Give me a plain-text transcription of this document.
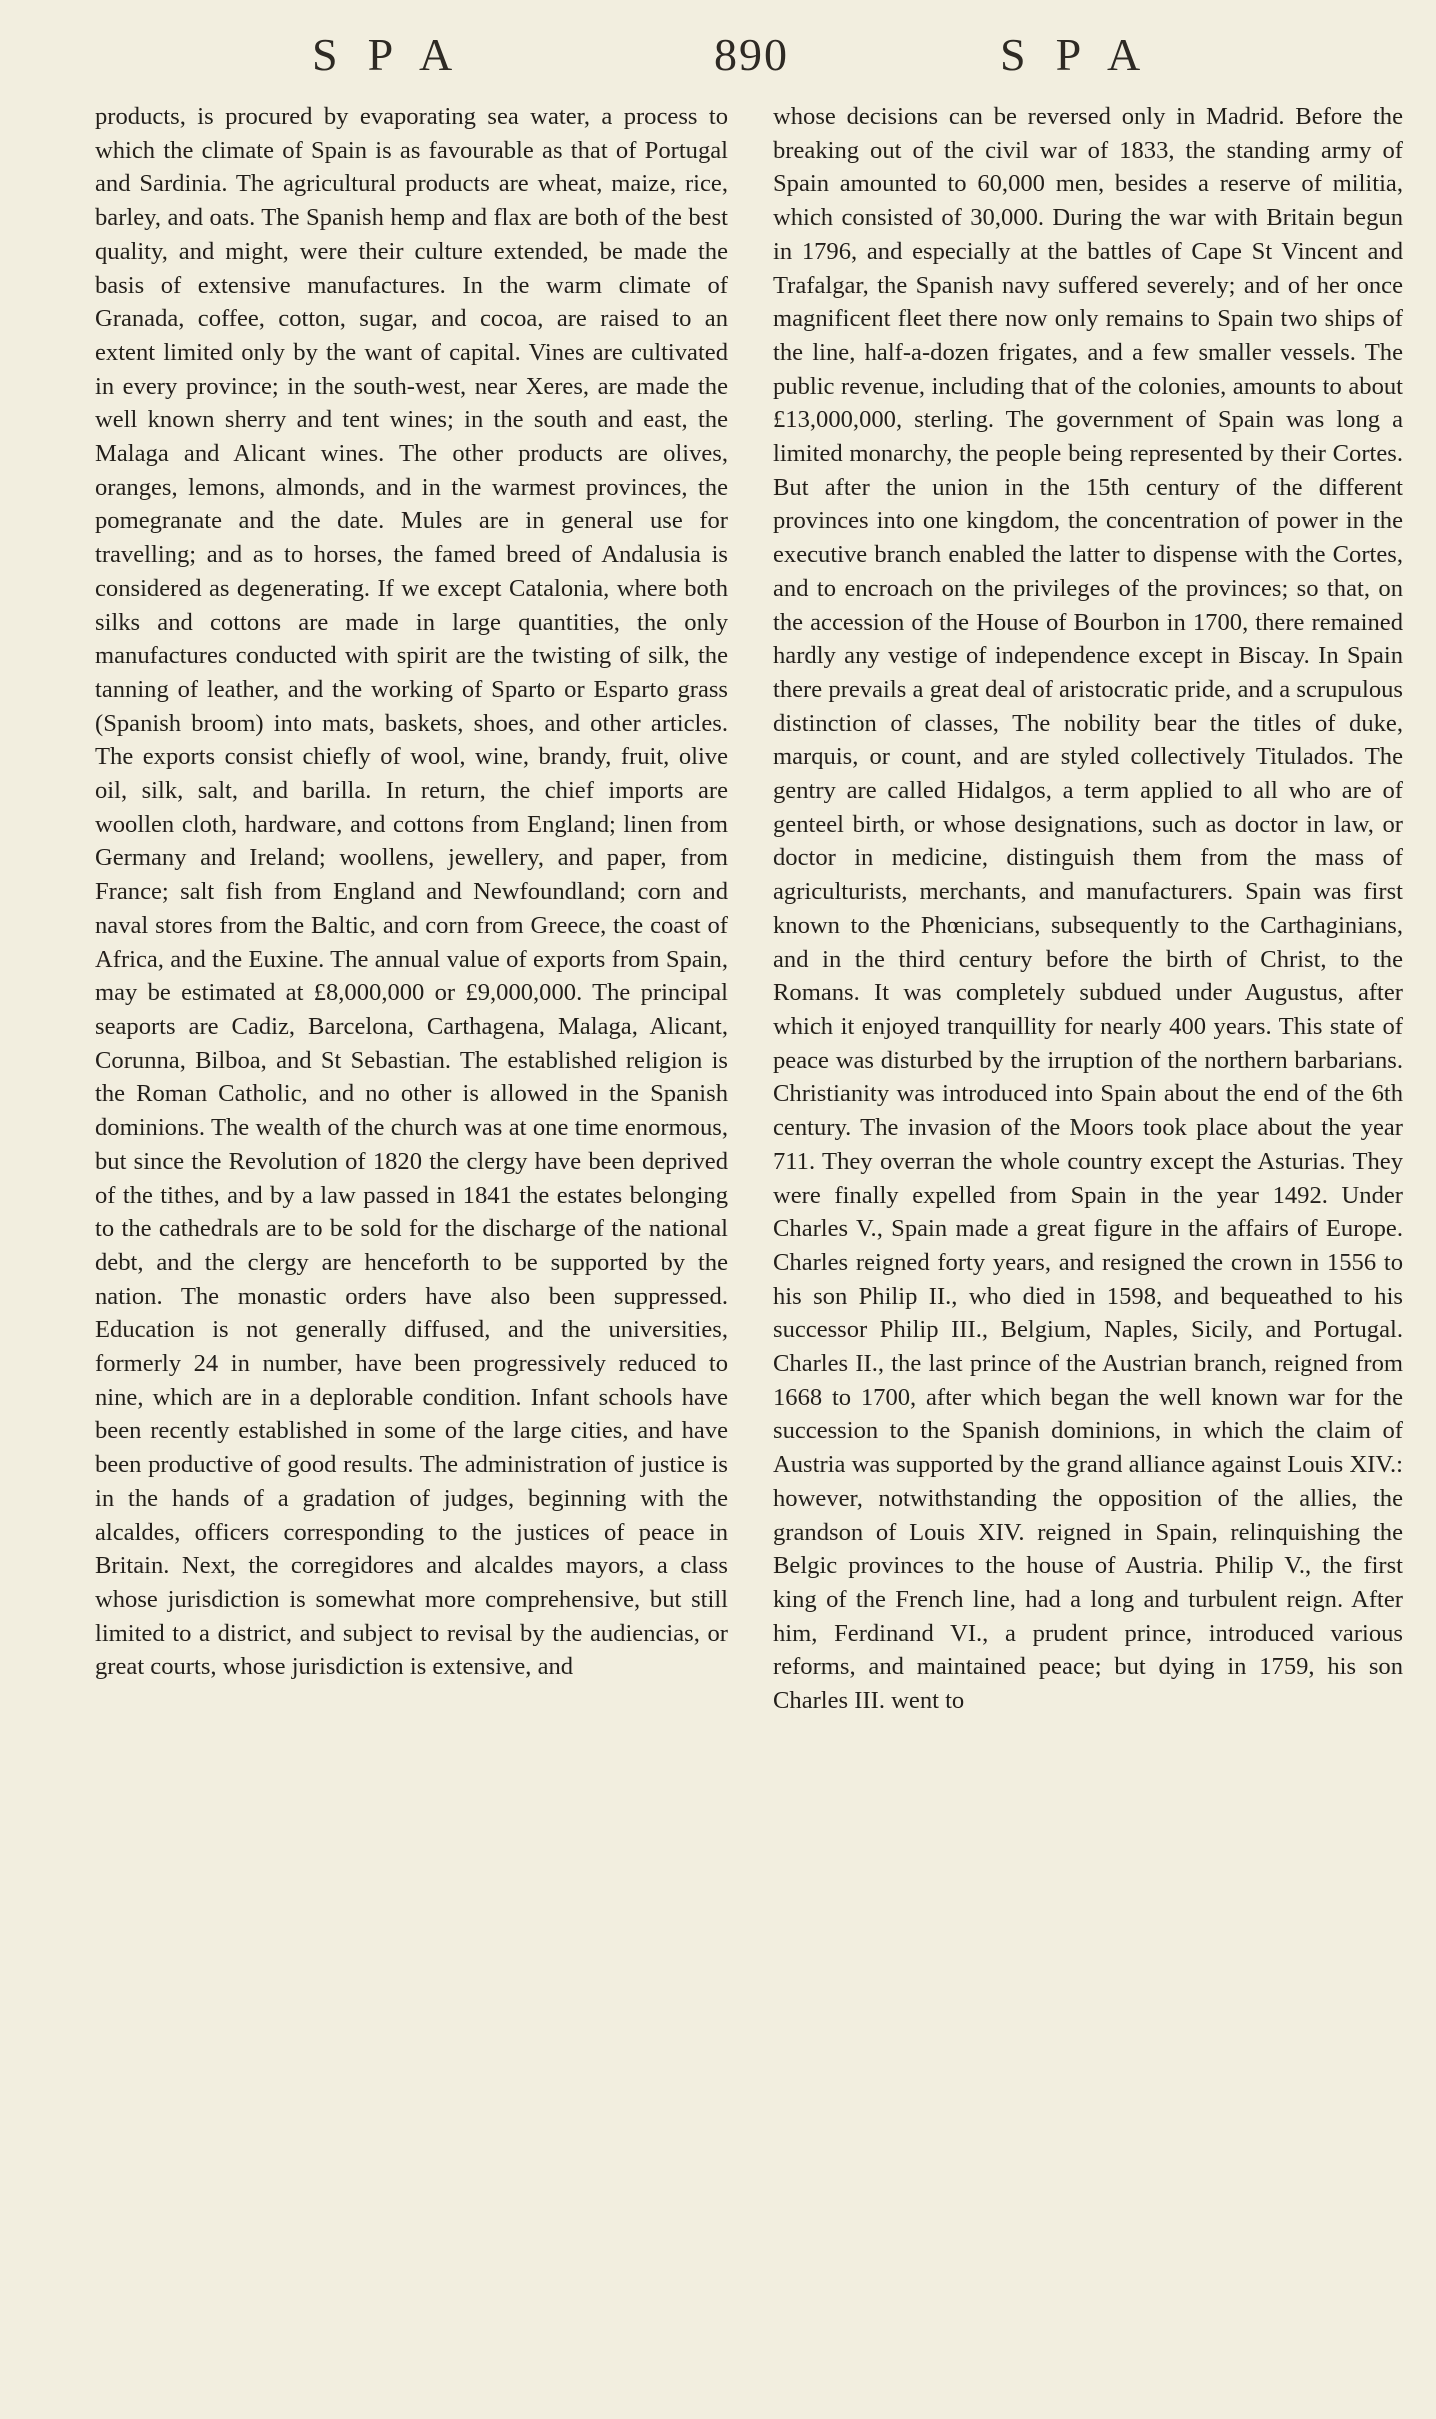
SPA	890	SPA

products, is procured by evaporating sea water, a process to which the climate of Spain is as favourable as that of Portugal and Sardinia. The agricultural products are wheat, maize, rice, barley, and oats. The Spanish hemp and flax are both of the best quality, and might, were their culture extended, be made the basis of extensive manufactures. In the warm climate of Granada, coffee, cotton, sugar, and cocoa, are raised to an extent limited only by the want of capital. Vines are cultivated in every province; in the south-west, near Xeres, are made the well known sherry and tent wines; in the south and east, the Malaga and Alicant wines. The other products are olives, oranges, lemons, almonds, and in the warmest provinces, the pomegranate and the date. Mules are in general use for travelling; and as to horses, the famed breed of Andalusia is considered as degenerating. If we except Catalonia, where both silks and cottons are made in large quantities, the only manufactures conducted with spirit are the twisting of silk, the tanning of leather, and the working of Sparto or Esparto grass (Spanish broom) into mats, baskets, shoes, and other articles. The exports consist chiefly of wool, wine, brandy, fruit, olive oil, silk, salt, and barilla. In return, the chief imports are woollen cloth, hardware, and cottons from England; linen from Germany and Ireland; woollens, jewellery, and paper, from France; salt fish from England and Newfoundland; corn and naval stores from the Baltic, and corn from Greece, the coast of Africa, and the Euxine. The annual value of exports from Spain, may be estimated at £8,000,000 or £9,000,000. The principal seaports are Cadiz, Barcelona, Carthagena, Malaga, Alicant, Corunna, Bilboa, and St Sebastian. The established religion is the Roman Catholic, and no other is allowed in the Spanish dominions. The wealth of the church was at one time enormous, but since the Revolution of 1820 the clergy have been deprived of the tithes, and by a law passed in 1841 the estates belonging to the cathedrals are to be sold for the discharge of the national debt, and the clergy are henceforth to be supported by the nation. The monastic orders have also been suppressed. Education is not generally diffused, and the universities, formerly 24 in number, have been progressively reduced to nine, which are in a deplorable condition. Infant schools have been recently established in some of the large cities, and have been productive of good results. The administration of justice is in the hands of a gradation of judges, beginning with the alcaldes, officers corresponding to the justices of peace in Britain. Next, the corregidores and alcaldes mayors, a class whose jurisdiction is somewhat more comprehensive, but still limited to a district, and subject to revisal by the audiencias, or great courts, whose jurisdiction is extensive, and

whose decisions can be reversed only in Madrid. Before the breaking out of the civil war of 1833, the standing army of Spain amounted to 60,000 men, besides a reserve of militia, which consisted of 30,000. During the war with Britain begun in 1796, and especially at the battles of Cape St Vincent and Trafalgar, the Spanish navy suffered severely; and of her once magnificent fleet there now only remains to Spain two ships of the line, half-a-dozen frigates, and a few smaller vessels. The public revenue, including that of the colonies, amounts to about £13,000,000, sterling. The government of Spain was long a limited monarchy, the people being represented by their Cortes. But after the union in the 15th century of the different provinces into one kingdom, the concentration of power in the executive branch enabled the latter to dispense with the Cortes, and to encroach on the privileges of the provinces; so that, on the accession of the House of Bourbon in 1700, there remained hardly any vestige of independence except in Biscay. In Spain there prevails a great deal of aristocratic pride, and a scrupulous distinction of classes, The nobility bear the titles of duke, marquis, or count, and are styled collectively Titulados. The gentry are called Hidalgos, a term applied to all who are of genteel birth, or whose designations, such as doctor in law, or doctor in medicine, distinguish them from the mass of agriculturists, merchants, and manufacturers. Spain was first known to the Phœnicians, subsequently to the Carthaginians, and in the third century before the birth of Christ, to the Romans. It was completely subdued under Augustus, after which it enjoyed tranquillity for nearly 400 years. This state of peace was disturbed by the irruption of the northern barbarians. Christianity was introduced into Spain about the end of the 6th century. The invasion of the Moors took place about the year 711. They overran the whole country except the Asturias. They were finally expelled from Spain in the year 1492. Under Charles V., Spain made a great figure in the affairs of Europe. Charles reigned forty years, and resigned the crown in 1556 to his son Philip II., who died in 1598, and bequeathed to his successor Philip III., Belgium, Naples, Sicily, and Portugal. Charles II., the last prince of the Austrian branch, reigned from 1668 to 1700, after which began the well known war for the succession to the Spanish dominions, in which the claim of Austria was supported by the grand alliance against Louis XIV.: however, notwithstanding the opposition of the allies, the grandson of Louis XIV. reigned in Spain, relinquishing the Belgic provinces to the house of Austria. Philip V., the first king of the French line, had a long and turbulent reign. After him, Ferdinand VI., a prudent prince, introduced various reforms, and maintained peace; but dying in 1759, his son Charles III. went to
